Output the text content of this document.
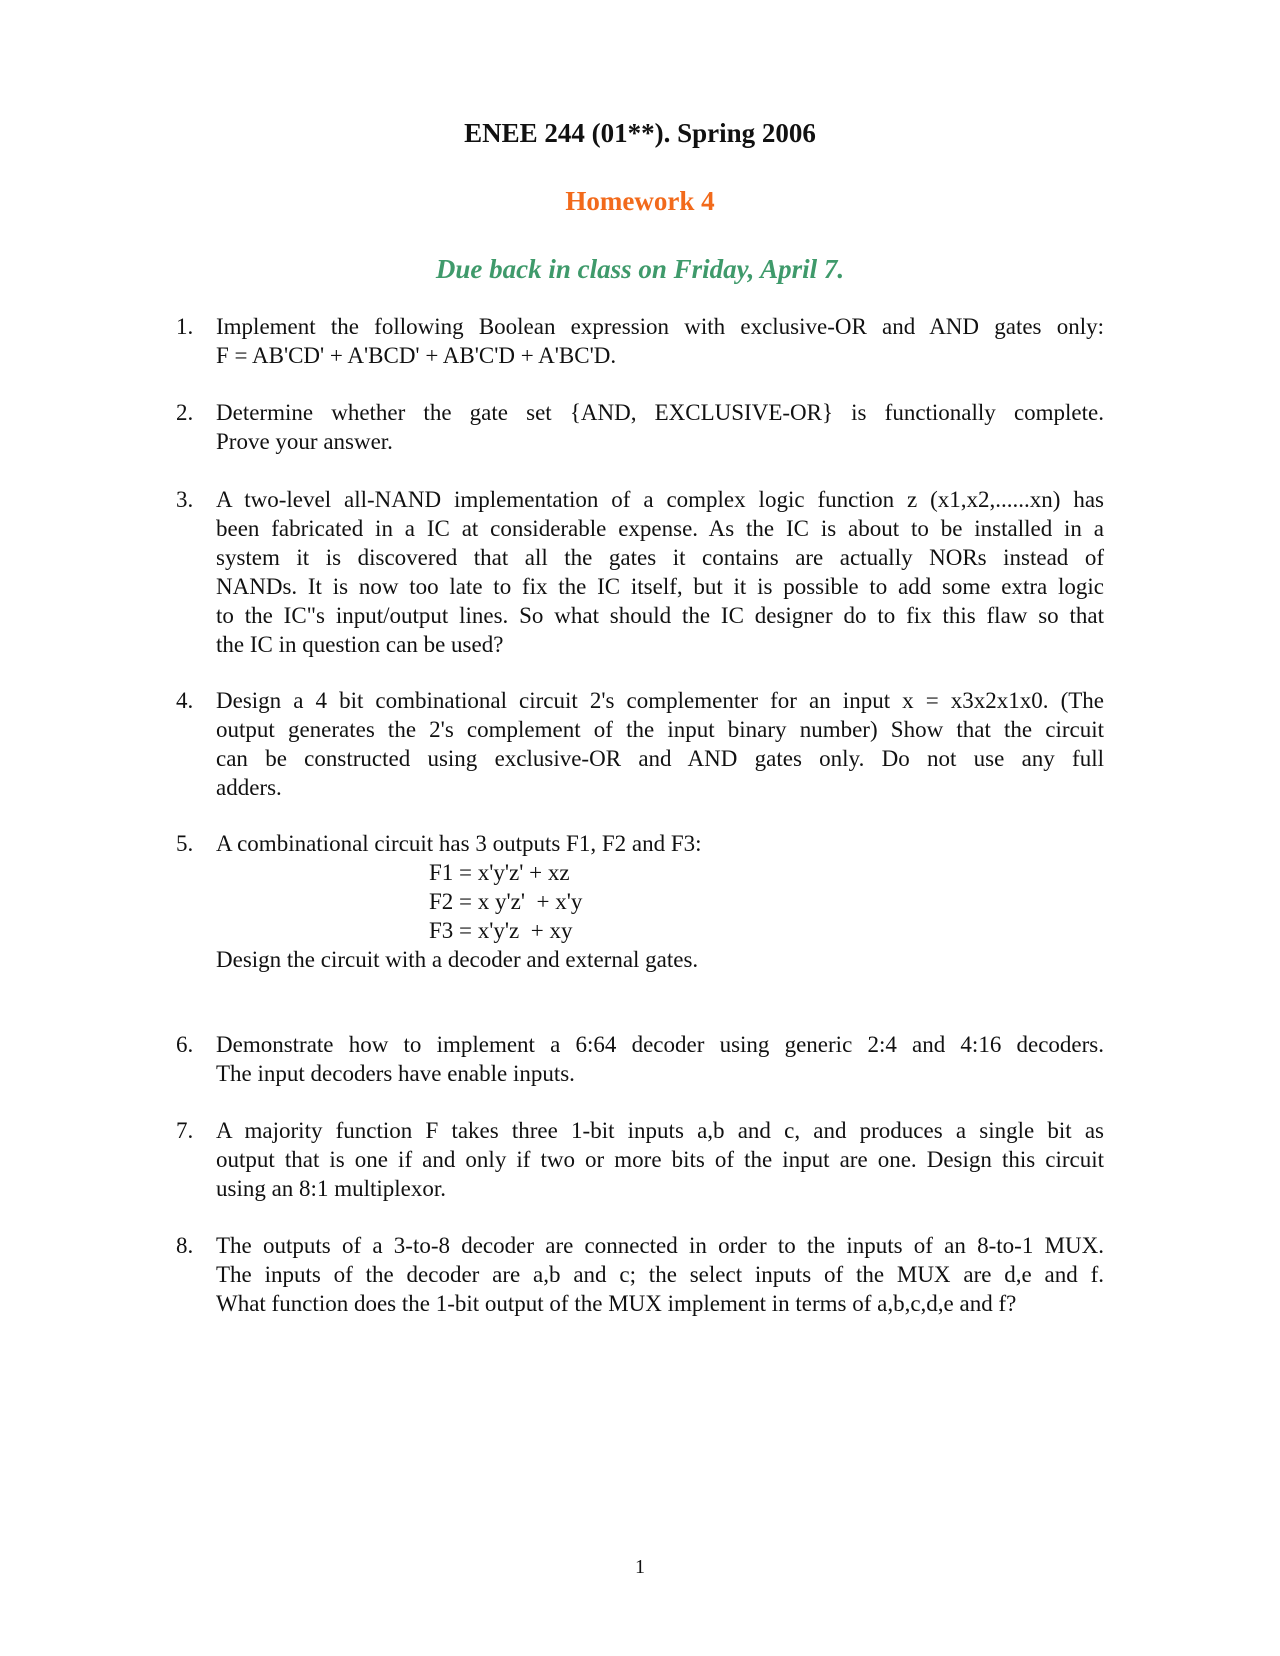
ENEE 244 (01**). Spring 2006
Homework 4

Due back in class on Friday, April 7.

1. Implement the following Boolean expression with exclusive-OR and AND gates only:
F = AB'CD' + A'BCD' + AB'C'D + A'BC'D.
2. Determine whether the gate set {AND, EXCLUSIVE-OR} is functionally complete.
Prove your answer.
3. A two-level all-NAND implementation of a complex logic function z (x1,x2,......xn) has
been fabricated in a IC at considerable expense. As the IC is about to be installed in a
system it is discovered that all the gates it contains are actually NORs instead of
NANDs. It is now too late to fix the IC itself, but it is possible to add some extra logic
to the IC"s input/output lines. So what should the IC designer do to fix this flaw so that
the IC in question can be used?
4. Design a 4 bit combinational circuit 2's complementer for an input x = x3x2x1x0. (The
output generates the 2's complement of the input binary number) Show that the circuit
can be constructed using exclusive-OR and AND gates only. Do not use any full
adders.
5. A combinational circuit has 3 outputs F1, F2 and F3:
F1 = x'y'z' + xz
F2 = x y'z'  + x'y
F3 = x'y'z  + xy
Design the circuit with a decoder and external gates.
6. Demonstrate how to implement a 6:64 decoder using generic 2:4 and 4:16 decoders.
The input decoders have enable inputs.
7. A majority function F takes three 1-bit inputs a,b and c, and produces a single bit as
output that is one if and only if two or more bits of the input are one. Design this circuit
using an 8:1 multiplexor.
8. The outputs of a 3-to-8 decoder are connected in order to the inputs of an 8-to-1 MUX.
The inputs of the decoder are a,b and c; the select inputs of the MUX are d,e and f.
What function does the 1-bit output of the MUX implement in terms of a,b,c,d,e and f?
1
